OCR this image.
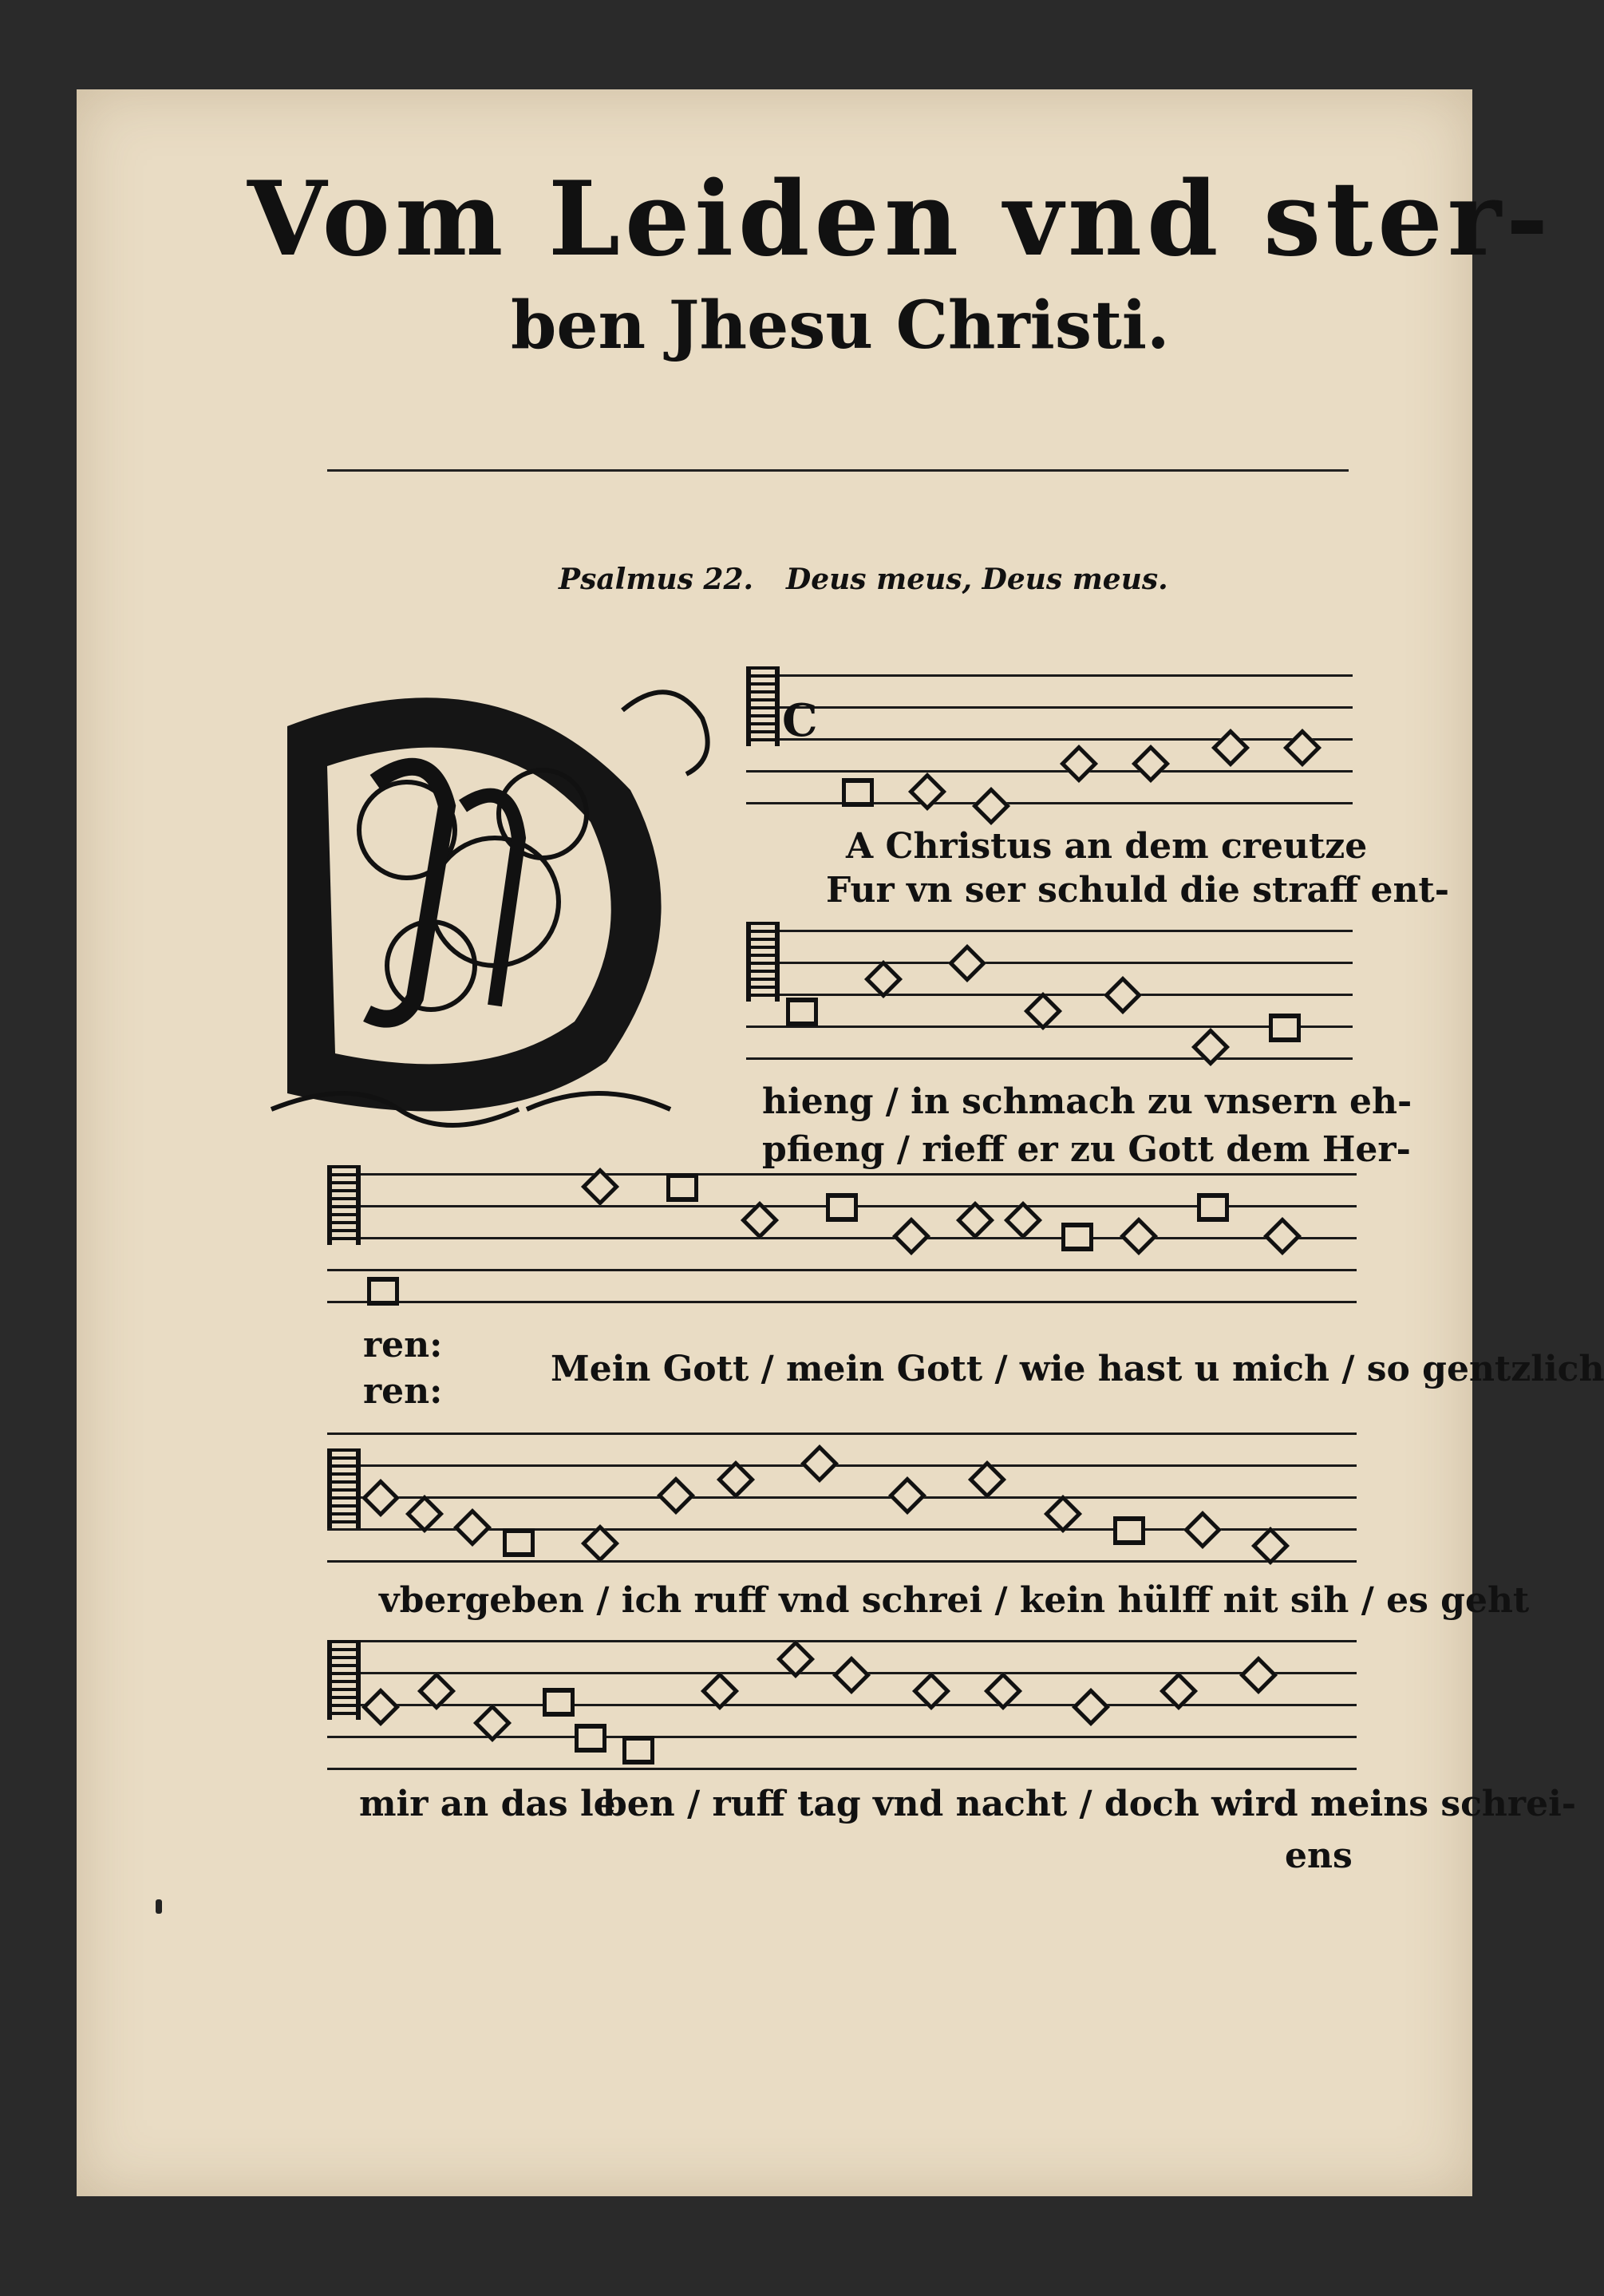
Vom Leiden vnd ster-
ben Jhesu Christi.
Psalmus 22. Deus meus, Deus meus.
C
A Christus an dem creutze
Fur vn ser schuld die straff ent-
hieng / in schmach zu vnsern eh-
pfieng / rieff er zu Gott dem Her-
ren:
ren:
Mein Gott / mein Gott / wie hast u mich / so gentzlich
vbergeben / ich ruff vnd schrei / kein hülff nit sih / es geht
mir an das le
ben / ruff tag vnd nacht / doch wird meins schrei-
ens
